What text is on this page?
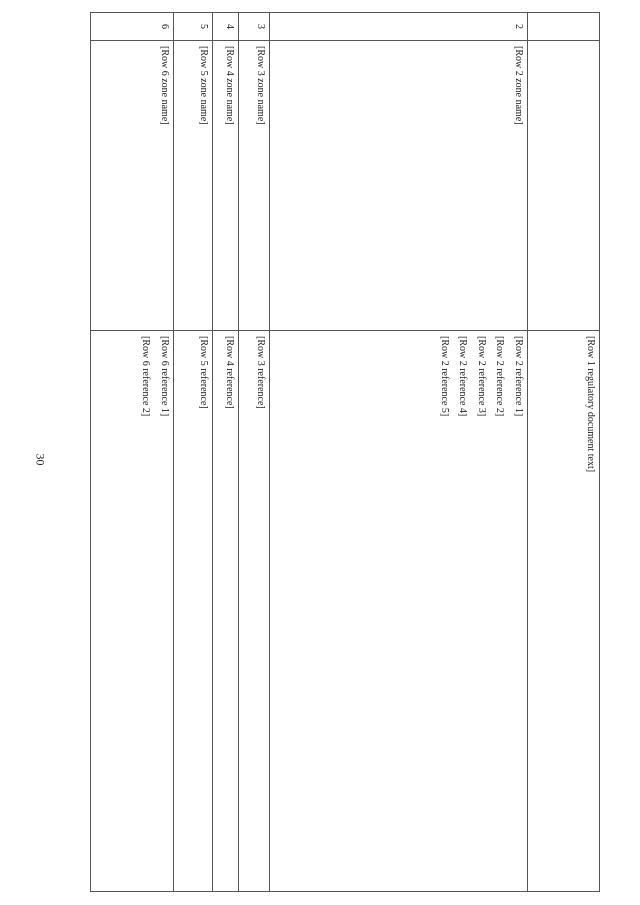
30

		[Row 1 regulatory document text]

2	[Row 2 zone name]	[Row 2 reference 1]

[Row 2 reference 2]

[Row 2 reference 3]

[Row 2 reference 4]

[Row 2 reference 5]

3	[Row 3 zone name]	[Row 3 reference]

4	[Row 4 zone name]	[Row 4 reference]

5	[Row 5 zone name]	[Row 5 reference]

6	[Row 6 zone name]	[Row 6 reference 1]

[Row 6 reference 2]
